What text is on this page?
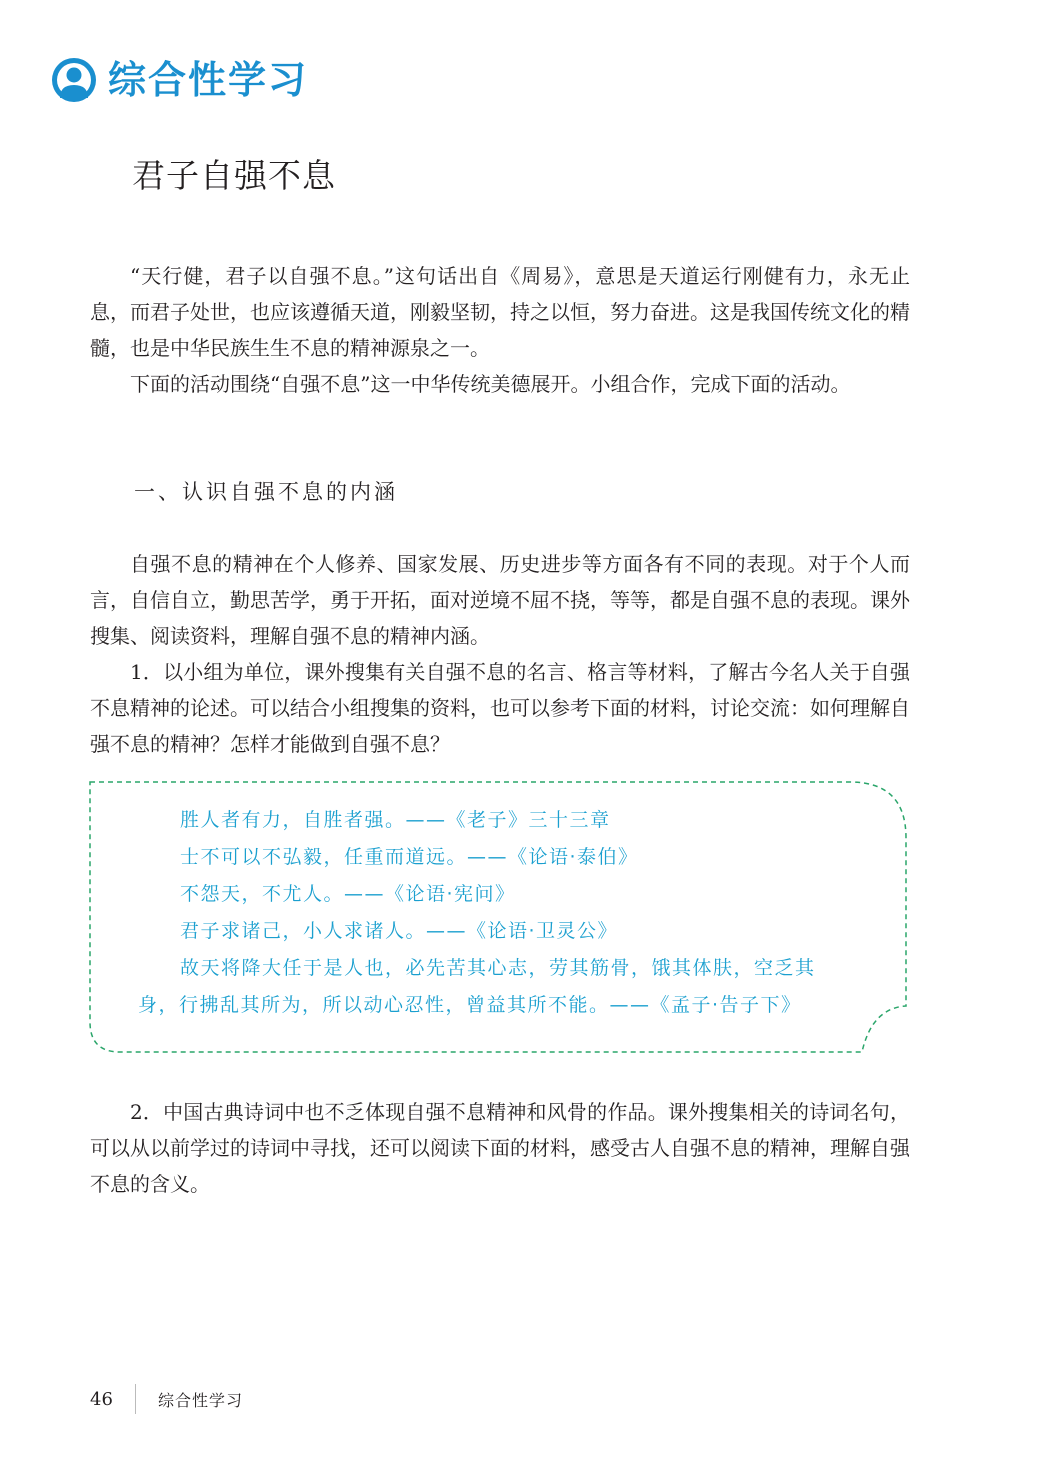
综合性学习
君子自强不息

“天行健，君子以自强不息。”这句话出自《周易》，意思是天道运行刚健有力，永无止息，而君子处世，也应该遵循天道，刚毅坚韧，持之以恒，努力奋进。这是我国传统文化的精髓，也是中华民族生生不息的精神源泉之一。

下面的活动围绕“自强不息”这一中华传统美德展开。小组合作，完成下面的活动。

一、认识自强不息的内涵

自强不息的精神在个人修养、国家发展、历史进步等方面各有不同的表现。对于个人而言，自信自立，勤思苦学，勇于开拓，面对逆境不屈不挠，等等，都是自强不息的表现。课外搜集、阅读资料，理解自强不息的精神内涵。

1．以小组为单位，课外搜集有关自强不息的名言、格言等材料，了解古今名人关于自强不息精神的论述。可以结合小组搜集的资料，也可以参考下面的材料，讨论交流：如何理解自强不息的精神？怎样才能做到自强不息？

胜人者有力，自胜者强。——《老子》三十三章
士不可以不弘毅，任重而道远。——《论语·泰伯》
不怨天，不尤人。——《论语·宪问》
君子求诸己，小人求诸人。——《论语·卫灵公》
故天将降大任于是人也，必先苦其心志，劳其筋骨，饿其体肤，空乏其
身，行拂乱其所为，所以动心忍性，曾益其所不能。——《孟子·告子下》

2．中国古典诗词中也不乏体现自强不息精神和风骨的作品。课外搜集相关的诗词名句，可以从以前学过的诗词中寻找，还可以阅读下面的材料，感受古人自强不息的精神，理解自强不息的含义。

46	综合性学习
